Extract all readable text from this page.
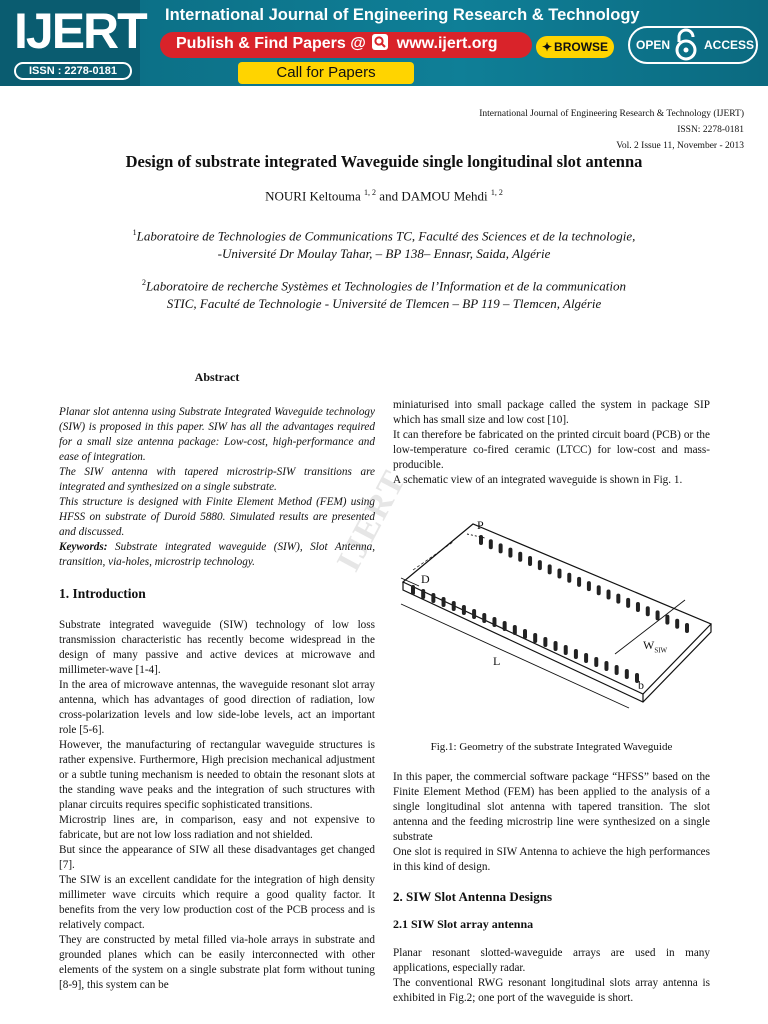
IJERT
ISSN : 2278-0181
International Journal of Engineering Research & Technology
Publish & Find Papers @ www.ijert.org	✦ BROWSE	OPEN	ACCESS
Call for Papers
International Journal of Engineering Research & Technology (IJERT)
ISSN: 2278-0181
Vol. 2 Issue 11, November - 2013
Design of substrate integrated Waveguide single longitudinal slot antenna
NOURI Keltouma $^{1, 2}$ and DAMOU Mehdi $^{1, 2}$
$^1$Laboratoire de Technologies de Communications TC, Faculté des Sciences et de la technologie,
-Université Dr Moulay Tahar, – BP 138– Ennasr, Saida, Algérie
$^2$Laboratoire de recherche Systèmes et Technologies de l’Information et de la communication
STIC, Faculté de Technologie - Université de Tlemcen – BP 119 – Tlemcen, Algérie
Abstract

Planar slot antenna using Substrate Integrated Waveguide technology (SIW) is proposed in this paper. SIW has all the advantages required for a small size antenna package: Low-cost, high-performance and ease of integration.

The SIW antenna with tapered microstrip-SIW transitions are integrated and synthesized on a single substrate.

This structure is designed with Finite Element Method (FEM) using HFSS on substrate of Duroid 5880. Simulated results are presented and discussed.

Keywords: Substrate integrated waveguide (SIW), Slot Antenna, transition, via-holes, microstrip technology.

1. Introduction

Substrate integrated waveguide (SIW) technology of low loss transmission characteristic has recently become widespread in the design of many passive and active devices at microwave and millimeter-wave [1-4].

In the area of microwave antennas, the waveguide resonant slot array antenna, which has advantages of good direction of radiation, low cross-polarization levels and low side-lobe levels, act an important role [5-6].

However, the manufacturing of rectangular waveguide structures is rather expensive. Furthermore, High precision mechanical adjustment or a subtle tuning mechanism is needed to obtain the resonant slots at the standing wave peaks and the integration of such structures with planar circuits requires specific sophisticated transitions.

Microstrip lines are, in comparison, easy and not expensive to fabricate, but are not low loss radiation and not shielded.

But since the appearance of SIW all these disadvantages get changed [7].

The SIW is an excellent candidate for the integration of high density millimeter wave circuits which require a good quality factor. It benefits from the very low production cost of the PCB process and is relatively compact.

They are constructed by metal filled via-hole arrays in substrate and grounded planes which can be easily interconnected with other elements of the system on a single substrate plat form without tuning [8-9], this system can be

miniaturised into small package called the system in package SIP which has small size and low cost [10].

It can therefore be fabricated on the printed circuit board (PCB) or the low-temperature co-fired ceramic (LTCC) for low-cost and mass-producible.

A schematic view of an integrated waveguide is shown in Fig. 1.

P
D
$W_{SIW}$
L
b
IJERT
Fig.1: Geometry of the substrate Integrated Waveguide

In this paper, the commercial software package “HFSS” based on the Finite Element Method (FEM) has been applied to the analysis of a single longitudinal slot antenna with tapered transition. The slot antenna and the feeding microstrip line were synthesized on a single substrate

One slot is required in SIW Antenna to achieve the high performances in this kind of design.

2. SIW Slot Antenna Designs
2.1 SIW Slot array antenna

Planar resonant slotted-waveguide arrays are used in many applications, especially radar.

The conventional RWG resonant longitudinal slots array antenna is exhibited in Fig.2; one port of the waveguide is short.
